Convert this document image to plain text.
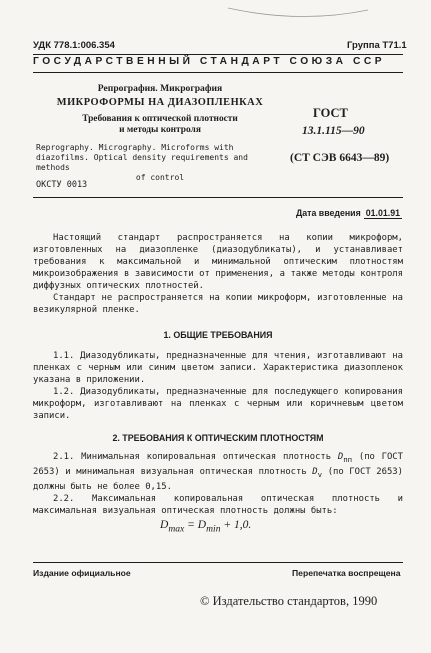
УДК 778.1:006.354	Группа Т71.1
ГОСУДАРСТВЕННЫЙ СТАНДАРТ СОЮЗА ССР
Репрография. Микрография
МИКРОФОРМЫ НА ДИАЗОПЛЕНКАХ
Требования к оптической плотности
и методы контроля
ГОСТ
13.1.115—90
Reprography. Micrography. Microforms with
diazofilms. Optical density requirements and methods
of control
(СТ СЭВ 6643—89)
ОКСТУ 0013
Дата введения 01.01.91

Настоящий стандарт распространяется на копии микроформ, изготовленных на диазопленке (диазодубликаты), и устанавливает требования к максимальной и минимальной оптическим плотностям микроизображения в зависимости от применения, а также методы контроля диффузных оптических плотностей.

Стандарт не распространяется на копии микроформ, изготовленные на везикулярной пленке.

1. ОБЩИЕ ТРЕБОВАНИЯ

1.1. Диазодубликаты, предназначенные для чтения, изготавливают на пленках с черным или синим цветом записи. Характеристика диазопленок указана в приложении.

1.2. Диазодубликаты, предназначенные для последующего копирования микроформ, изготавливают на пленках с черным или коричневым цветом записи.

2. ТРЕБОВАНИЯ К ОПТИЧЕСКИМ ПЛОТНОСТЯМ

2.1. Минимальная копировальная оптическая плотность $D_{пп}$ (по ГОСТ 2653) и минимальная визуальная оптическая плотность $D_v$ (по ГОСТ 2653) должны быть не более 0,15.

2.2. Максимальная копировальная оптическая плотность и максимальная визуальная оптическая плотность должны быть:

$D_{max} = D_{min} + 1,0$.
Издание официальное	Перепечатка воспрещена
© Издательство стандартов, 1990
